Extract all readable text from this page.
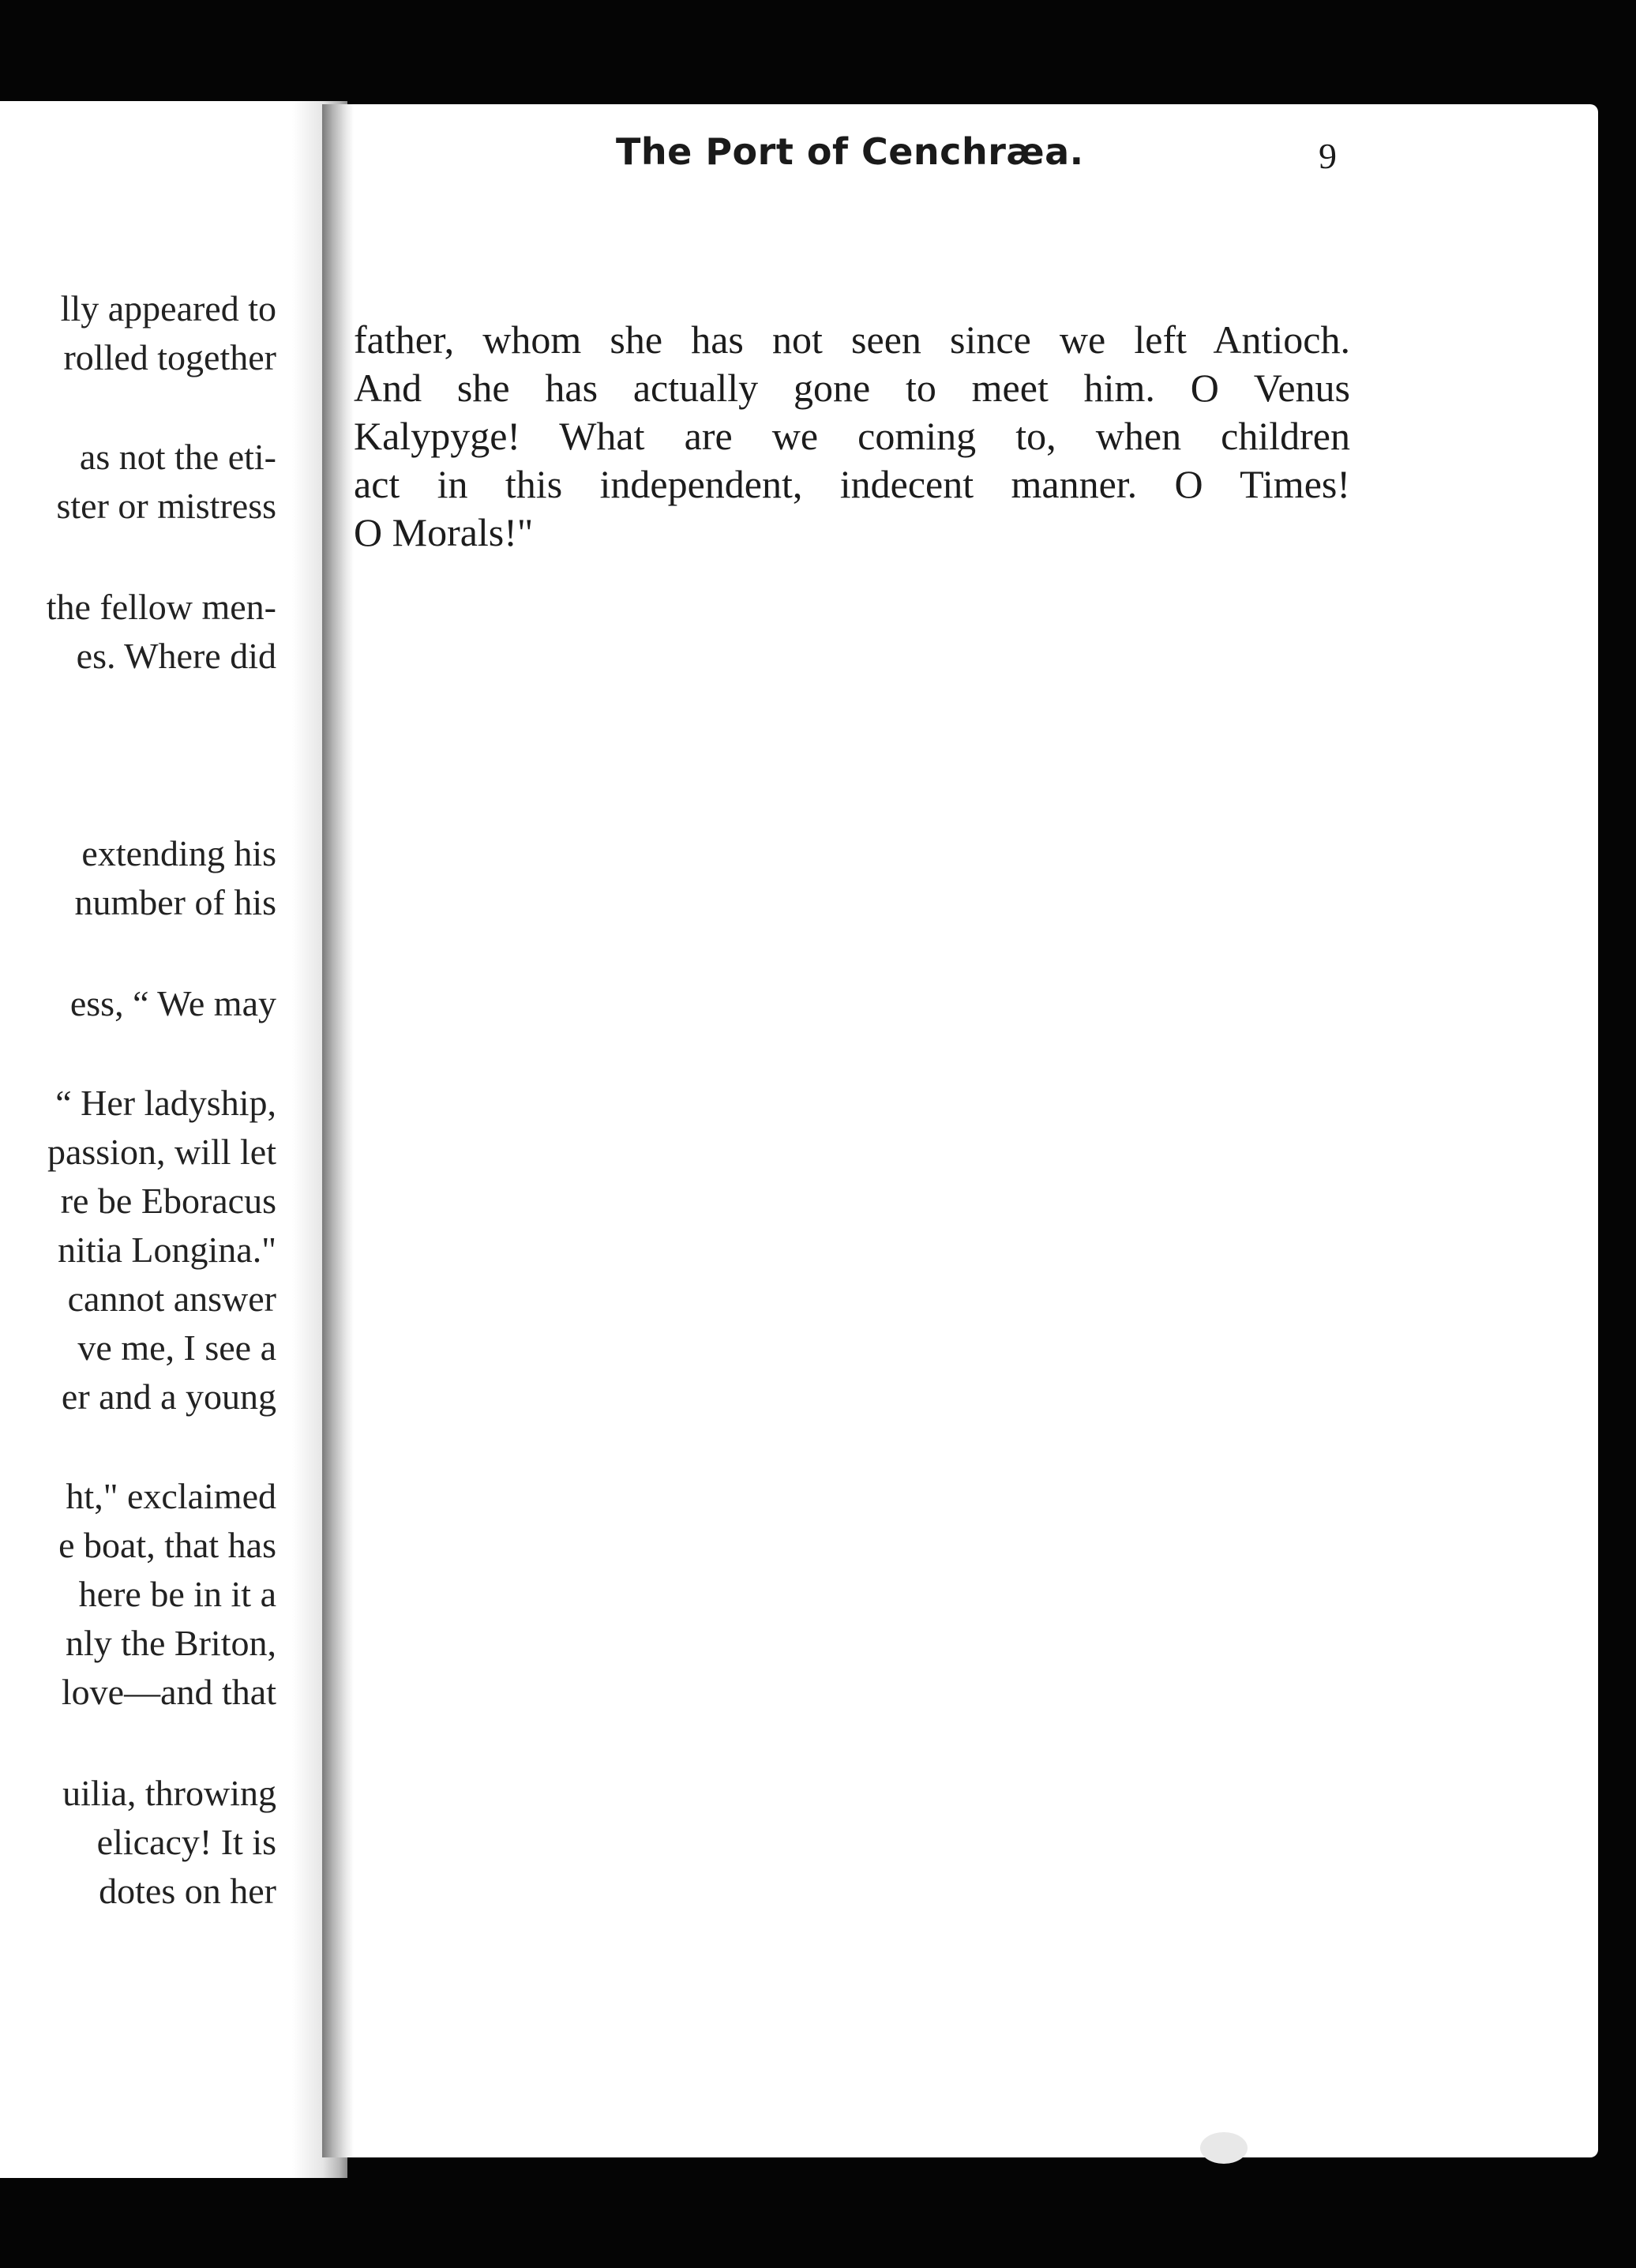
lly appeared to
rolled together
as not the eti-
ster or mistress
the fellow men-
es. Where did
extending his
number of his
ess, “ We may
“ Her ladyship,
passion, will let
re be Eboracus
nitia Longina."
cannot answer
ve me, I see a
er and a young
ht," exclaimed
e boat, that has
here be in it a
nly the Briton,
love—and that
uilia, throwing
elicacy! It is
dotes on her
The Port of Cenchræa.	9
father, whom she has not seen since we left Antioch.
And she has actually gone to meet him. O Venus
Kalypyge! What are we coming to, when children
act in this independent, indecent manner. O Times!
O Morals!"
